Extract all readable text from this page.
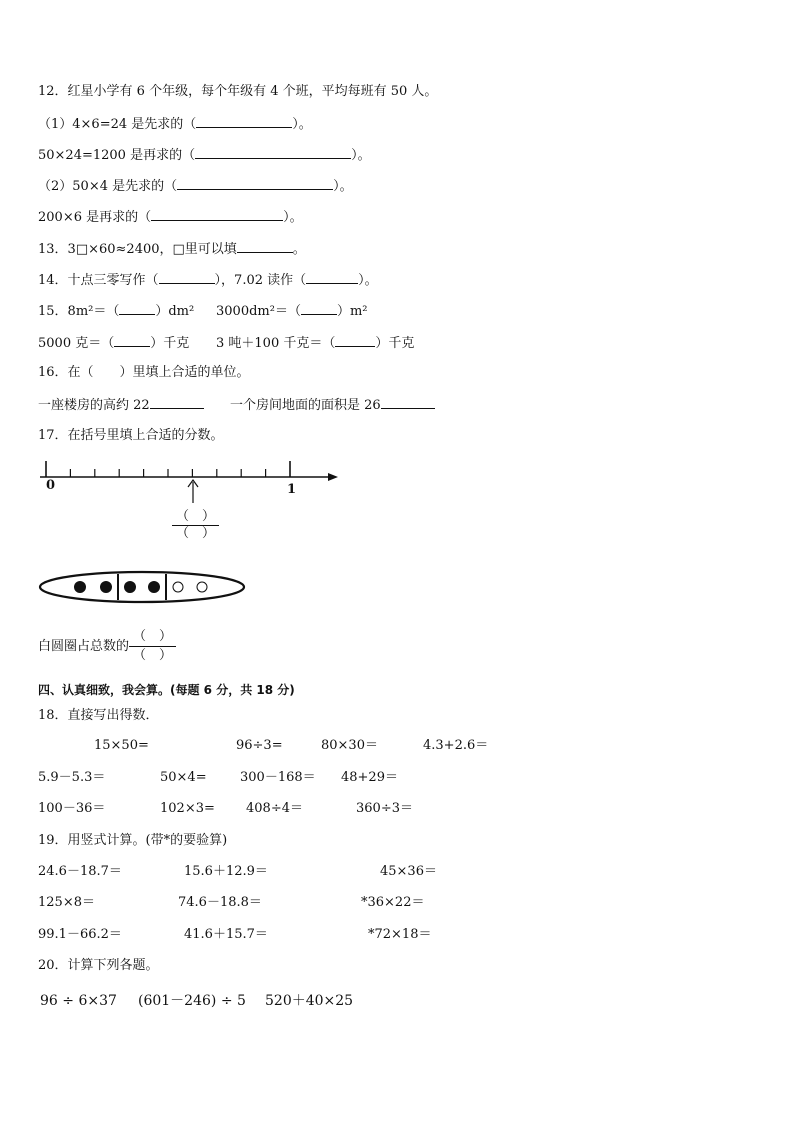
12．红星小学有 6 个年级，每个年级有 4 个班，平均每班有 50 人。
（1）4×6=24 是先求的（	）。
50×24=1200 是再求的（	）。
（2）50×4 是先求的（	）。
200×6 是再求的（	）。
13．3□×60≈2400，□里可以填	。
14．十点三零写作（	），7.02 读作（	）。
15．8m²＝（	）dm² 3000dm²＝（	）m²
5000 克＝（	）千克 3 吨＋100 千克＝（	）千克
16．在（　　）里填上合适的单位。
一座楼房的高约 22	一个房间地面的面积是 26
17．在括号里填上合适的分数。
0	1
$\frac{( )}{( )}$
白圆圈占总数的 $\frac{( )}{( )}$
四、认真细致，我会算。(每题 6 分，共 18 分)
18．直接写出得数．
15×50=	96÷3=	80×30＝	4.3+2.6＝
5.9－5.3＝	50×4=	300－168＝ 48+29＝
100－36＝	102×3= 408÷4＝	360÷3＝
19．用竖式计算。(带*的要验算)
24.6－18.7＝	15.6＋12.9＝	45×36＝
125×8＝	74.6－18.8＝	*36×22＝
99.1－66.2＝	41.6＋15.7＝	*72×18＝
20．计算下列各题。
96 ÷ 6×37 (601－246) ÷ 5 520＋40×25
